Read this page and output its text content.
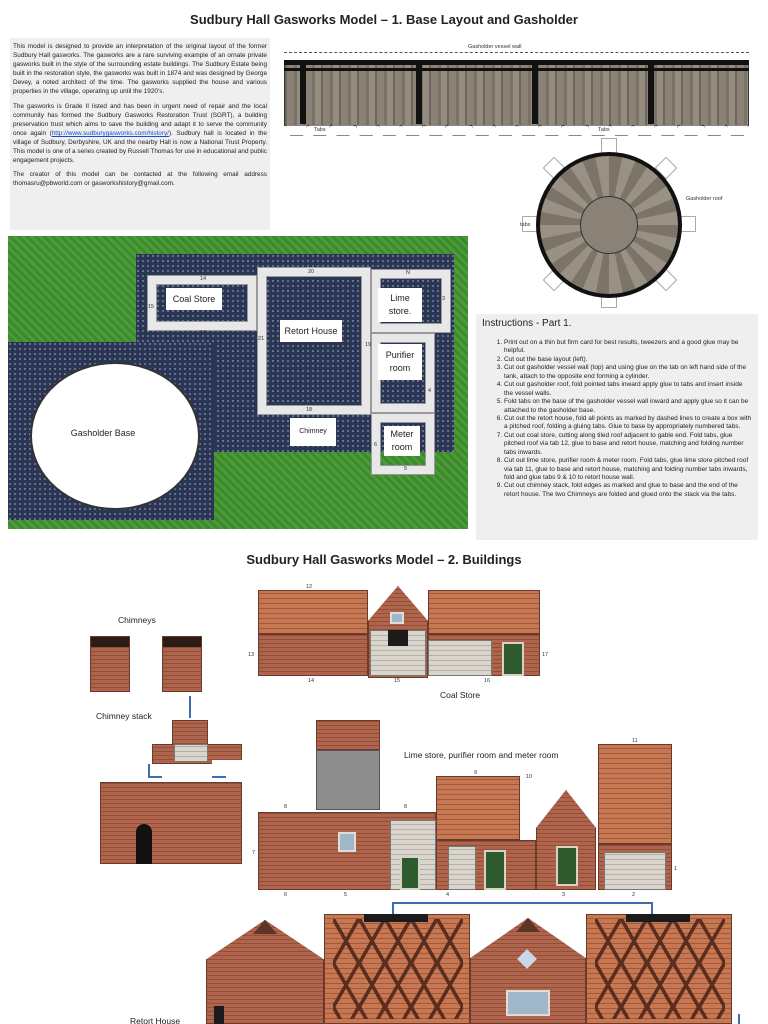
Sudbury Hall Gasworks Model – 1. Base Layout and Gasholder

This model is designed to provide an interpretation of the original layout of the former Sudbury Hall gasworks. The gasworks are a rare surviving example of an ornate private gasworks built in the style of the surrounding estate buildings. The Sudbury Estate being built in the restoration style, the gasworks was built in 1874 and was designed by George Devey, a noted architect of the time. The gasworks supplied the house and various properties in the village, operating up until the 1920’s.

The gasworks is Grade II listed and has been in urgent need of repair and the local community has formed the Sudbury Gasworks Restoration Trust (SGRT), a building preservation trust which aims to save the building and adapt it to serve the community once again (http://www.sudburygasworks.com/history/). Sudbury hall is located in the village of Sudbury, Derbyshire, UK and the nearby Hall is now a National Trust Property. This model is one of a series created by Russell Thomas for use in educational and public engagement projects.

The creator of this model can be contacted at the following email address thomasru@pbworld.com or gasworkshistory@gmail.com.

Gasholder vessel wall
Tabs	Tabs
Gasholder roof
tabs
Coal Store
Retort House
Lime store.
Purifier room
Chimney	Meter room
Gasholder Base
14
15
16
20
21
18
19
N
3
4
5
6
Instructions - Part 1.
1. Print out on a thin but firm card for best results, tweezers and a good glue may be helpful.
2. Cut out the base layout (left).
3. Cut out gasholder vessel wall (top) and using glue on the tab on left hand side of the tank, attach to the opposite end forming a cylinder.
4. Cut out gasholder roof, fold pointed tabs inward apply glue to tabs and insert inside the vessel walls.
5. Fold tabs on the base of the gasholder vessel wall inward and apply glue so it can be attached to the gasholder base.
6. Cut out the retort house, fold all points as marked by dashed lines to create a box with a pitched roof, folding a gluing tabs. Glue to base by appropriately numbered tabs.
7. Cut out coal store, cutting along tiled roof adjacent to gable end. Fold tabs, glue pitched roof via tab 12, glue to base and retort house, matching and folding number tabs inwards.
8. Cut out lime store, purifier room & meter room. Fold tabs, glue lime store pitched roof via tab 11, glue to base and retort house, matching and folding number tabs inwards, fold and glue tabs 9 & 10 to retort house wall.
9. Cut out chimney stack, fold edges as marked and glue to base and the end of the retort house. The two Chimneys are folded and glued onto the stack via the tabs.
Sudbury Hall Gasworks Model – 2. Buildings
Chimneys
Chimney stack
12
13
14	15	16
17
Coal Store
Lime store, purifier room and meter room
9
10
11
7
8	8
6	5	4	3	2
1
Retort House
